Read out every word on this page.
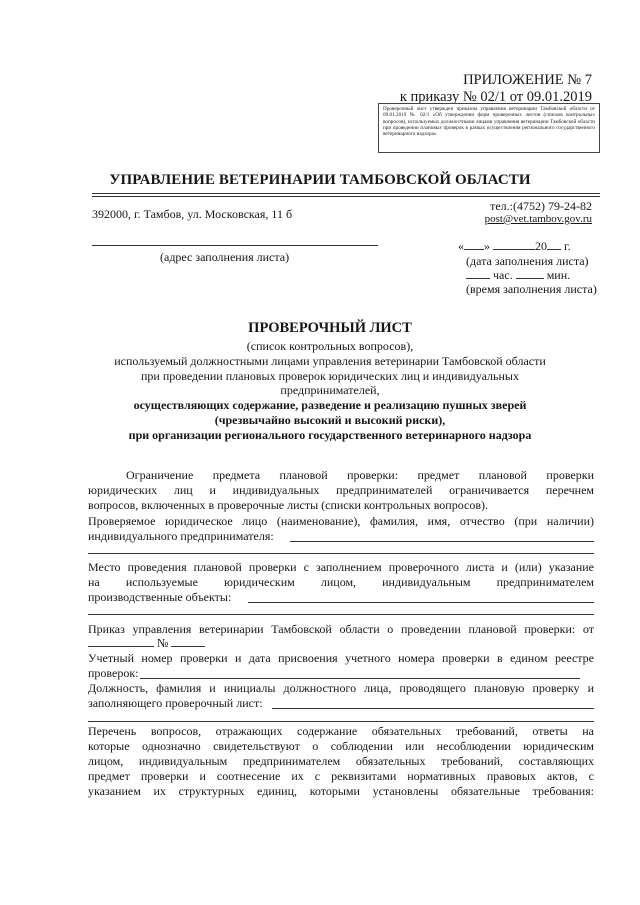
ПРИЛОЖЕНИЕ № 7
к приказу № 02/1 от 09.01.2019
Проверочный лист утвержден приказом управления ветеринарии Тамбовской области от 09.01.2019 № 02/1 «Об утверждении форм проверочных листов (списков контрольных вопросов), используемых должностными лицами управления ветеринарии Тамбовской области при проведении плановых проверок в рамках осуществления регионального государственного ветеринарного надзора»
УПРАВЛЕНИЕ ВЕТЕРИНАРИИ ТАМБОВСКОЙ ОБЛАСТИ
392000, г. Тамбов, ул. Московская, 11 б
тел.:(4752) 79-24-82
post@vet.tambov.gov.ru
(адрес заполнения листа)
« »	20 г.
(дата заполнения листа)
час.	мин.
(время заполнения листа)
ПРОВЕРОЧНЫЙ ЛИСТ
(список контрольных вопросов),
используемый должностными лицами управления ветеринарии Тамбовской области
при проведении плановых проверок юридических лиц и индивидуальных
предпринимателей,
осуществляющих содержание, разведение и реализацию пушных зверей
(чрезвычайно высокий и высокий риски),
при организации регионального государственного ветеринарного надзора
Ограничение предмета плановой проверки: предмет плановой проверки
юридических лиц и индивидуальных предпринимателей ограничивается перечнем
вопросов, включенных в проверочные листы (списки контрольных вопросов).
Проверяемое юридическое лицо (наименование), фамилия, имя, отчество (при наличии)
индивидуального предпринимателя:
Место проведения плановой проверки с заполнением проверочного листа и (или) указание
на используемые юридическим лицом, индивидуальным предпринимателем
производственные объекты:
Приказ управления ветеринарии Тамбовской области о проведении плановой проверки: от
№
Учетный номер проверки и дата присвоения учетного номера проверки в едином реестре
проверок:
Должность, фамилия и инициалы должностного лица, проводящего плановую проверку и
заполняющего проверочный лист:
Перечень вопросов, отражающих содержание обязательных требований, ответы на
которые однозначно свидетельствуют о соблюдении или несоблюдении юридическим
лицом, индивидуальным предпринимателем обязательных требований, составляющих
предмет проверки и соотнесение их с реквизитами нормативных правовых актов, с
указанием их структурных единиц, которыми установлены обязательные требования:
